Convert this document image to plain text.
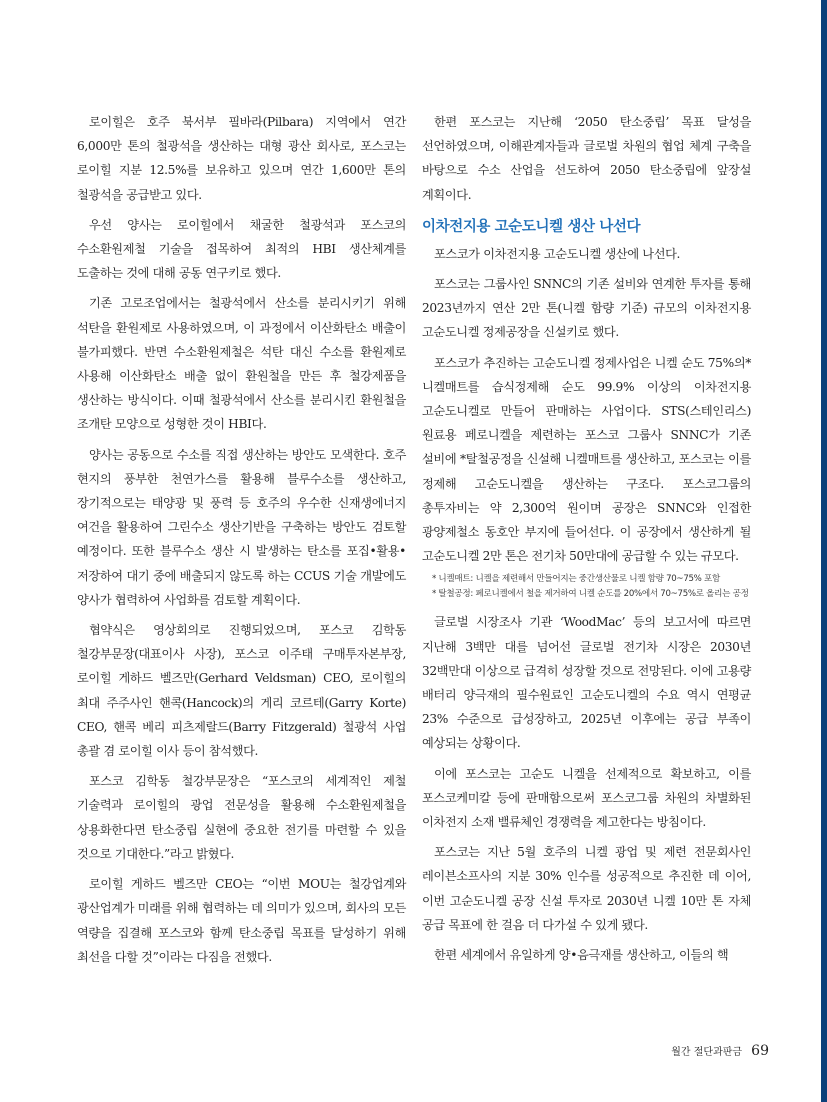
로이힐은 호주 북서부 필바라(Pilbara) 지역에서 연간 6,000만 톤의 철광석을 생산하는 대형 광산 회사로, 포스코는 로이힐 지분 12.5%를 보유하고 있으며 연간 1,600만 톤의 철광석을 공급받고 있다.

우선 양사는 로이힐에서 채굴한 철광석과 포스코의 수소환원제철 기술을 접목하여 최적의 HBI 생산체계를 도출하는 것에 대해 공동 연구키로 했다.

기존 고로조업에서는 철광석에서 산소를 분리시키기 위해 석탄을 환원제로 사용하였으며, 이 과정에서 이산화탄소 배출이 불가피했다. 반면 수소환원제철은 석탄 대신 수소를 환원제로 사용해 이산화탄소 배출 없이 환원철을 만든 후 철강제품을 생산하는 방식이다. 이때 철광석에서 산소를 분리시킨 환원철을 조개탄 모양으로 성형한 것이 HBI다.

양사는 공동으로 수소를 직접 생산하는 방안도 모색한다. 호주 현지의 풍부한 천연가스를 활용해 블루수소를 생산하고, 장기적으로는 태양광 및 풍력 등 호주의 우수한 신재생에너지 여건을 활용하여 그린수소 생산기반을 구축하는 방안도 검토할 예정이다. 또한 블루수소 생산 시 발생하는 탄소를 포집•활용•저장하여 대기 중에 배출되지 않도록 하는 CCUS 기술 개발에도 양사가 협력하여 사업화를 검토할 계획이다.

협약식은 영상회의로 진행되었으며, 포스코 김학동 철강부문장(대표이사 사장), 포스코 이주태 구매투자본부장, 로이힐 게하드 벨즈만(Gerhard Veldsman) CEO, 로이힐의 최대 주주사인 핸콕(Hancock)의 게리 코르테(Garry Korte) CEO, 핸콕 베리 피츠제랄드(Barry Fitzgerald) 철광석 사업 총괄 겸 로이힐 이사 등이 참석했다.

포스코 김학동 철강부문장은 “포스코의 세계적인 제철 기술력과 로이힐의 광업 전문성을 활용해 수소환원제철을 상용화한다면 탄소중립 실현에 중요한 전기를 마련할 수 있을 것으로 기대한다.”라고 밝혔다.

로이힐 게하드 벨즈만 CEO는 “이번 MOU는 철강업계와 광산업계가 미래를 위해 협력하는 데 의미가 있으며, 회사의 모든 역량을 집결해 포스코와 함께 탄소중립 목표를 달성하기 위해 최선을 다할 것”이라는 다짐을 전했다.

한편 포스코는 지난해 ‘2050 탄소중립’ 목표 달성을 선언하였으며, 이해관계자들과 글로벌 차원의 협업 체계 구축을 바탕으로 수소 산업을 선도하여 2050 탄소중립에 앞장설 계획이다.

이차전지용 고순도니켈 생산 나선다

포스코가 이차전지용 고순도니켈 생산에 나선다.

포스코는 그룹사인 SNNC의 기존 설비와 연계한 투자를 통해 2023년까지 연산 2만 톤(니켈 함량 기준) 규모의 이차전지용 고순도니켈 정제공장을 신설키로 했다.

포스코가 추진하는 고순도니켈 정제사업은 니켈 순도 75%의*니켈매트를 습식정제해 순도 99.9% 이상의 이차전지용 고순도니켈로 만들어 판매하는 사업이다. STS(스테인리스) 원료용 페로니켈을 제련하는 포스코 그룹사 SNNC가 기존 설비에 *탈철공정을 신설해 니켈매트를 생산하고, 포스코는 이를 정제해 고순도니켈을 생산하는 구조다. 포스코그룹의 총투자비는 약 2,300억 원이며 공장은 SNNC와 인접한 광양제철소 동호안 부지에 들어선다. 이 공장에서 생산하게 될 고순도니켈 2만 톤은 전기차 50만대에 공급할 수 있는 규모다.

* 니켈매트: 니켈을 제련해서 만들어지는 중간생산물로 니켈 함량 70~75% 포함
* 탈철공정: 페로니켈에서 철을 제거하여 니켈 순도를 20%에서 70~75%로 올리는 공정

글로벌 시장조사 기관 ‘WoodMac’ 등의 보고서에 따르면 지난해 3백만 대를 넘어선 글로벌 전기차 시장은 2030년 32백만대 이상으로 급격히 성장할 것으로 전망된다. 이에 고용량 배터리 양극재의 필수원료인 고순도니켈의 수요 역시 연평균 23% 수준으로 급성장하고, 2025년 이후에는 공급 부족이 예상되는 상황이다.

이에 포스코는 고순도 니켈을 선제적으로 확보하고, 이를 포스코케미칼 등에 판매함으로써 포스코그룹 차원의 차별화된 이차전지 소재 밸류체인 경쟁력을 제고한다는 방침이다.

포스코는 지난 5월 호주의 니켈 광업 및 제련 전문회사인 레이븐소프사의 지분 30% 인수를 성공적으로 추진한 데 이어, 이번 고순도니켈 공장 신설 투자로 2030년 니켈 10만 톤 자체 공급 목표에 한 걸음 더 다가설 수 있게 됐다.

한편 세계에서 유일하게 양•음극재를 생산하고, 이들의 핵

월간 절단과판금 69
